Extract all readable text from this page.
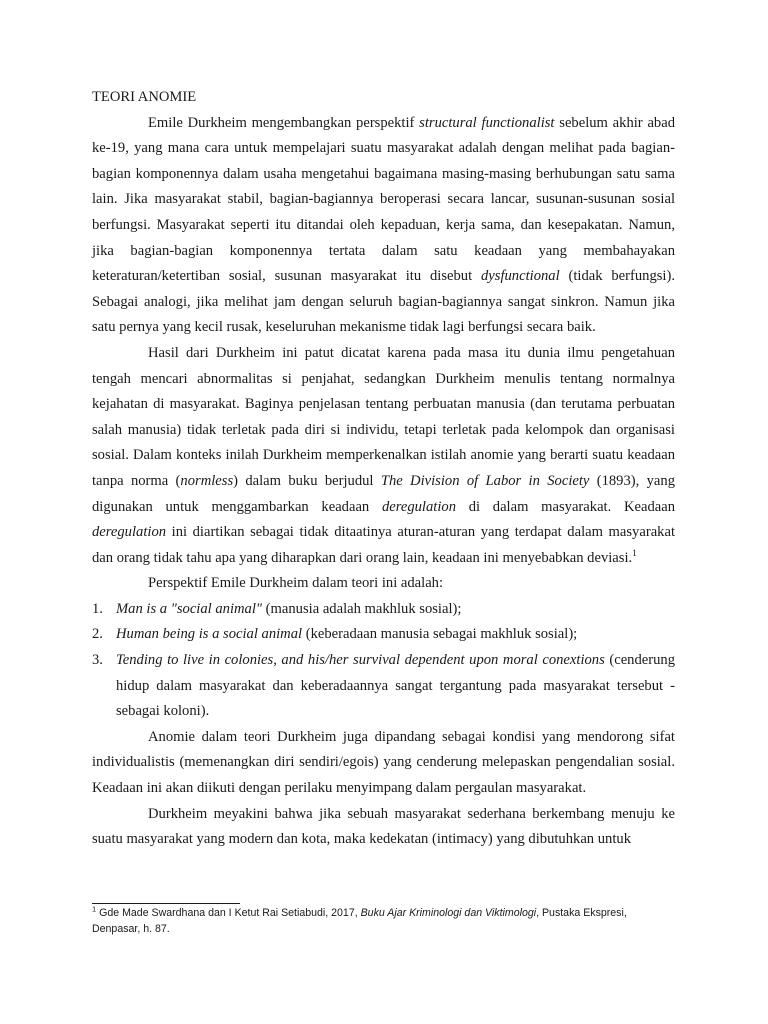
TEORI ANOMIE

Emile Durkheim mengembangkan perspektif structural functionalist sebelum akhir abad ke-19, yang mana cara untuk mempelajari suatu masyarakat adalah dengan melihat pada bagian-bagian komponennya dalam usaha mengetahui bagaimana masing-masing berhubungan satu sama lain. Jika masyarakat stabil, bagian-bagiannya beroperasi secara lancar, susunan-susunan sosial berfungsi. Masyarakat seperti itu ditandai oleh kepaduan, kerja sama, dan kesepakatan. Namun, jika bagian-bagian komponennya tertata dalam satu keadaan yang membahayakan keteraturan/ketertiban sosial, susunan masyarakat itu disebut dysfunctional (tidak berfungsi). Sebagai analogi, jika melihat jam dengan seluruh bagian-bagiannya sangat sinkron. Namun jika satu pernya yang kecil rusak, keseluruhan mekanisme tidak lagi berfungsi secara baik.

Hasil dari Durkheim ini patut dicatat karena pada masa itu dunia ilmu pengetahuan tengah mencari abnormalitas si penjahat, sedangkan Durkheim menulis tentang normalnya kejahatan di masyarakat. Baginya penjelasan tentang perbuatan manusia (dan terutama perbuatan salah manusia) tidak terletak pada diri si individu, tetapi terletak pada kelompok dan organisasi sosial. Dalam konteks inilah Durkheim memperkenalkan istilah anomie yang berarti suatu keadaan tanpa norma (normless) dalam buku berjudul The Division of Labor in Society (1893), yang digunakan untuk menggambarkan keadaan deregulation di dalam masyarakat. Keadaan deregulation ini diartikan sebagai tidak ditaatinya aturan-aturan yang terdapat dalam masyarakat dan orang tidak tahu apa yang diharapkan dari orang lain, keadaan ini menyebabkan deviasi.$^1$

Perspektif Emile Durkheim dalam teori ini adalah:

1. Man is a "social animal" (manusia adalah makhluk sosial);
2. Human being is a social animal (keberadaan manusia sebagai makhluk sosial);
3. Tending to live in colonies, and his/her survival dependent upon moral conextions (cenderung hidup dalam masyarakat dan keberadaannya sangat tergantung pada masyarakat tersebut - sebagai koloni).

Anomie dalam teori Durkheim juga dipandang sebagai kondisi yang mendorong sifat individualistis (memenangkan diri sendiri/egois) yang cenderung melepaskan pengendalian sosial. Keadaan ini akan diikuti dengan perilaku menyimpang dalam pergaulan masyarakat.

Durkheim meyakini bahwa jika sebuah masyarakat sederhana berkembang menuju ke suatu masyarakat yang modern dan kota, maka kedekatan (intimacy) yang dibutuhkan untuk

$^1$ Gde Made Swardhana dan I Ketut Rai Setiabudi, 2017, Buku Ajar Kriminologi dan Viktimologi, Pustaka Ekspresi, Denpasar, h. 87.
